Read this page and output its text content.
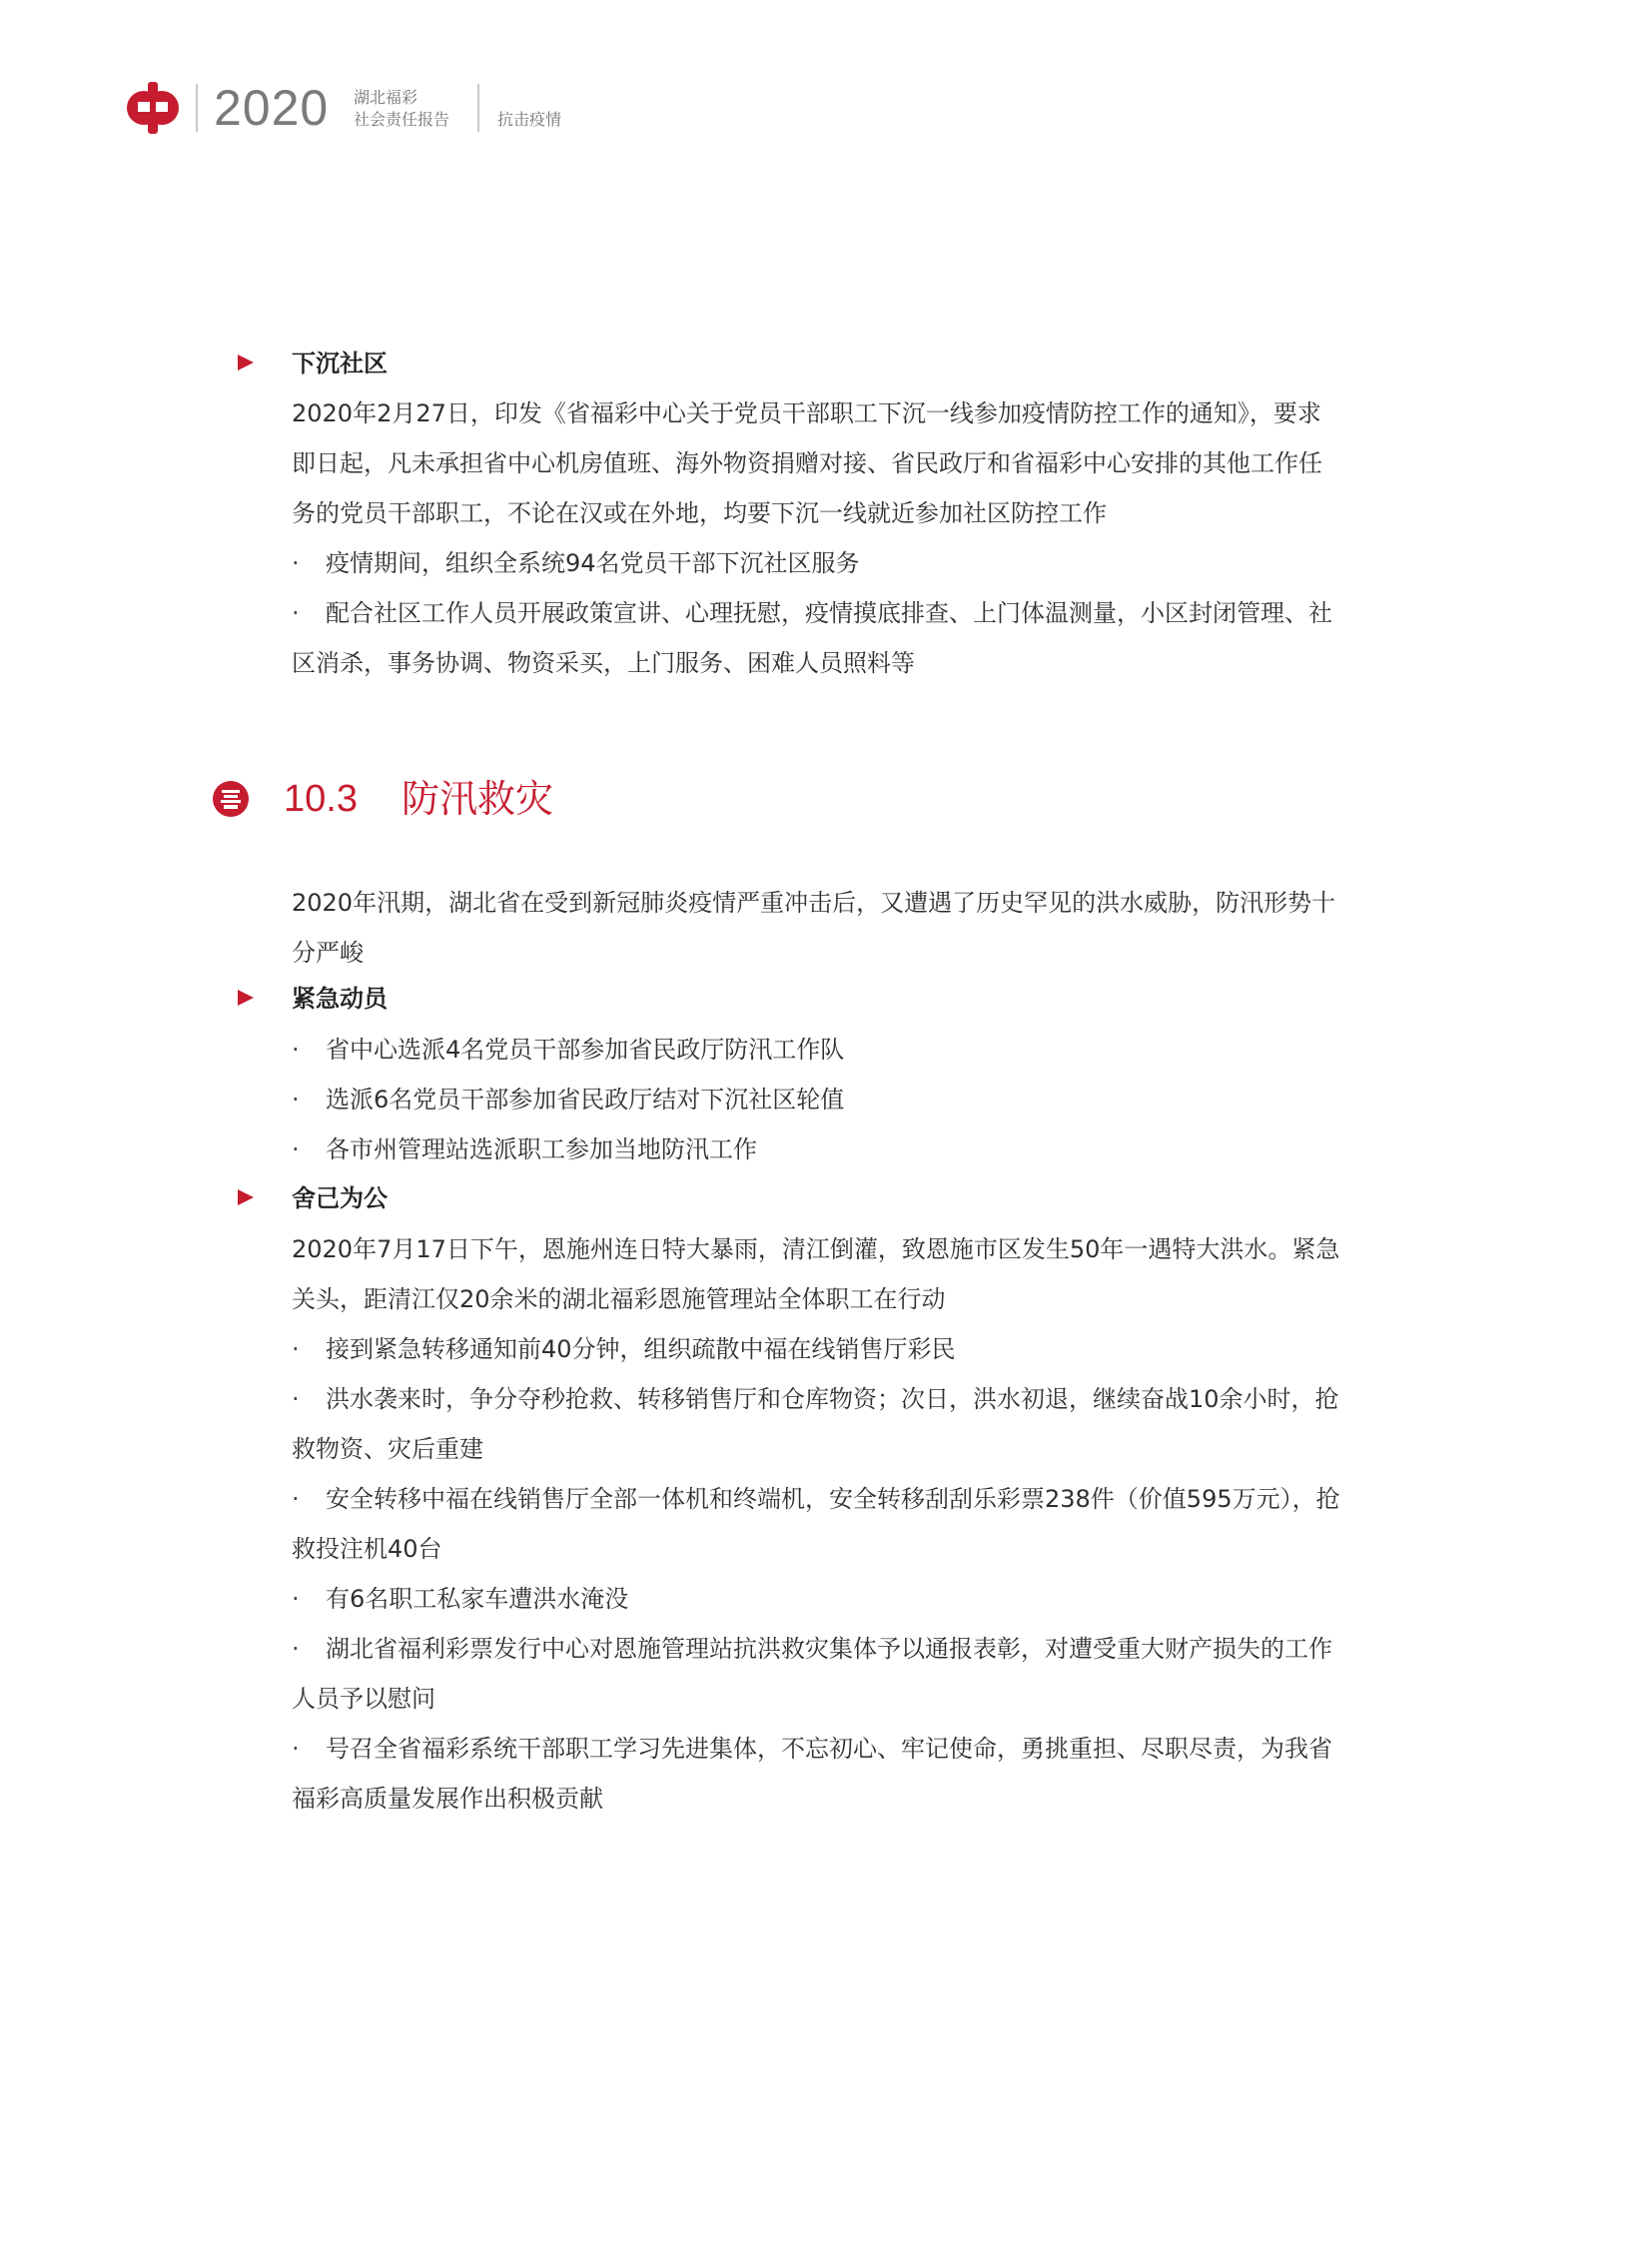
2020 湖北福彩
社会责任报告	抗击疫情
下沉社区
2020年2月27日，印发《省福彩中心关于党员干部职工下沉一线参加疫情防控工作的通知》，要求
即日起，凡未承担省中心机房值班、海外物资捐赠对接、省民政厅和省福彩中心安排的其他工作任
务的党员干部职工，不论在汉或在外地，均要下沉一线就近参加社区防控工作
· 疫情期间，组织全系统94名党员干部下沉社区服务
· 配合社区工作人员开展政策宣讲、心理抚慰，疫情摸底排查、上门体温测量，小区封闭管理、社
区消杀，事务协调、物资采买，上门服务、困难人员照料等
10.3 防汛救灾
2020年汛期，湖北省在受到新冠肺炎疫情严重冲击后，又遭遇了历史罕见的洪水威胁，防汛形势十
分严峻
紧急动员
· 省中心选派4名党员干部参加省民政厅防汛工作队
· 选派6名党员干部参加省民政厅结对下沉社区轮值
· 各市州管理站选派职工参加当地防汛工作
舍己为公
2020年7月17日下午，恩施州连日特大暴雨，清江倒灌，致恩施市区发生50年一遇特大洪水。紧急
关头，距清江仅20余米的湖北福彩恩施管理站全体职工在行动
· 接到紧急转移通知前40分钟，组织疏散中福在线销售厅彩民
· 洪水袭来时，争分夺秒抢救、转移销售厅和仓库物资；次日，洪水初退，继续奋战10余小时，抢
救物资、灾后重建
· 安全转移中福在线销售厅全部一体机和终端机，安全转移刮刮乐彩票238件（价值595万元），抢
救投注机40台
· 有6名职工私家车遭洪水淹没
· 湖北省福利彩票发行中心对恩施管理站抗洪救灾集体予以通报表彰，对遭受重大财产损失的工作
人员予以慰问
· 号召全省福彩系统干部职工学习先进集体，不忘初心、牢记使命，勇挑重担、尽职尽责，为我省
福彩高质量发展作出积极贡献
